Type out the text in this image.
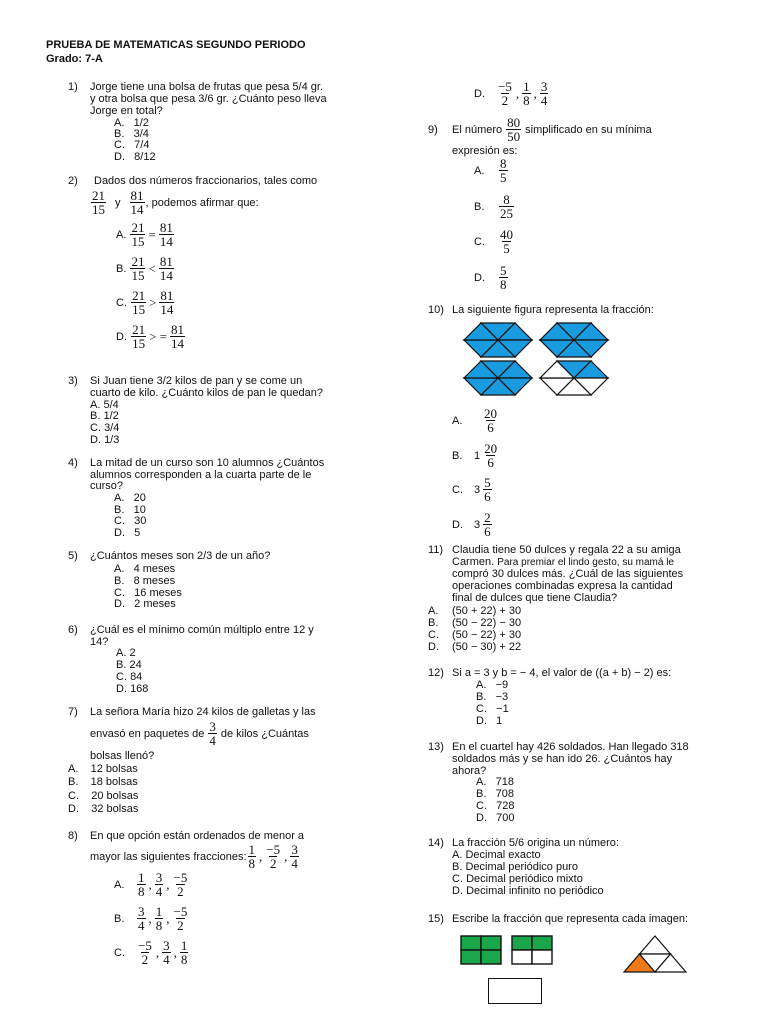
PRUEBA DE MATEMATICAS SEGUNDO PERIODO
Grado: 7-A
1) Jorge tiene una bolsa de frutas que pesa 5/4 gr.
y otra bolsa que pesa 3/6 gr. ¿Cuánto peso lleva
Jorge en total?
A. 1/2
B. 3/4
C. 7/4
D. 8/12
2) Dados dos números fraccionarios, tales como
$\frac{21}{15}$ y $\frac{81}{14}$ , podemos afirmar que:
A.
$\frac{21}{15} = \frac{81}{14}$
B.
$\frac{21}{15} < \frac{81}{14}$
C.
$\frac{21}{15} > \frac{81}{14}$
D.
$\frac{21}{15}$ > = $\frac{81}{14}$
3) Si Juan tiene 3/2 kilos de pan y se come un
cuarto de kilo. ¿Cuánto kilos de pan le quedan?
A. 5/4
B. 1/2
C. 3/4
D. 1/3
4) La mitad de un curso son 10 alumnos ¿Cuántos
alumnos corresponden a la cuarta parte de le
curso?
A. 20
B. 10
C. 30
D. 5
5) ¿Cuántos meses son 2/3 de un año?
A. 4 meses
B. 8 meses
C. 16 meses
D. 2 meses
6) ¿Cuál es el mínimo común múltiplo entre 12 y
14?
A. 2
B. 24
C. 84
D. 168
7) La señora María hizo 24 kilos de galletas y las
envasó en paquetes de $\frac{3}{4}$ de kilos ¿Cuántas
bolsas llenó?
A. 12 bolsas
B. 18 bolsas
C. 20 bolsas
D. 32 bolsas
8) En que opción están ordenados de menor a
mayor las siguientes fracciones: $\frac{1}{8}$ , $\frac{-5}{2}$ , $\frac{3}{4}$
A. $\frac{1}{8}$ , $\frac{3}{4}$ , $\frac{-5}{2}$
B. $\frac{3}{4}$ , $\frac{1}{8}$ , $\frac{-5}{2}$
C. $\frac{-5}{2}$ , $\frac{3}{4}$ , $\frac{1}{8}$
D. $\frac{-5}{2}$ , $\frac{1}{8}$ , $\frac{3}{4}$
9)	El número $\frac{80}{50}$ simplificado en su mínima
expresión es:
A.	$\frac{8}{5}$
B.	$\frac{8}{25}$
C.	$\frac{40}{5}$
D.	$\frac{5}{8}$
10) La siguiente figura representa la fracción:
A.	$\frac{20}{6}$
B.	$1 \frac{20}{6}$
C.	$3 \frac{5}{6}$
D.	$3 \frac{2}{6}$
11) Claudia tiene 50 dulces y regala 22 a su amiga
Carmen. Para premiar el lindo gesto, su mamá le
compró 30 dulces más. ¿Cuál de las siguientes
operaciones combinadas expresa la cantidad
final de dulces que tiene Claudia?
A. (50 + 22) + 30
B. (50 − 22) − 30
C. (50 − 22) + 30
D. (50 − 30) + 22
12) Si a = 3 y b = − 4, el valor de ((a + b) − 2) es:
A. −9
B. −3
C. −1
D. 1
13) En el cuartel hay 426 soldados. Han llegado 318
soldados más y se han ido 26. ¿Cuántos hay
ahora?
A. 718
B. 708
C. 728
D. 700
14) La fracción 5/6 origina un número:
A. Decimal exacto
B. Decimal periódico puro
C. Decimal periódico mixto
D. Decimal infinito no periódico
15) Escribe la fracción que representa cada imagen:
